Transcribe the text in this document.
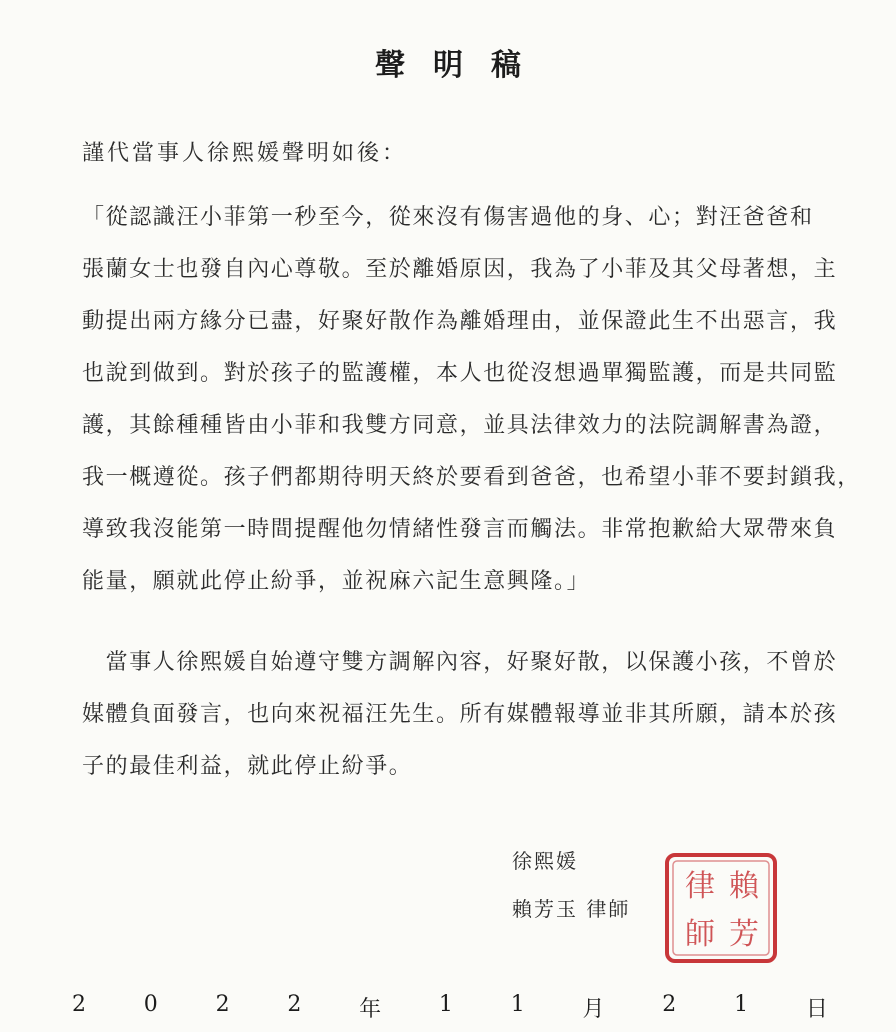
聲明稿
謹代當事人徐熙媛聲明如後：
「從認識汪小菲第一秒至今，從來沒有傷害過他的身、心；對汪爸爸和
張蘭女士也發自內心尊敬。至於離婚原因，我為了小菲及其父母著想，主
動提出兩方緣分已盡，好聚好散作為離婚理由，並保證此生不出惡言，我
也說到做到。對於孩子的監護權，本人也從沒想過單獨監護，而是共同監
護，其餘種種皆由小菲和我雙方同意，並具法律效力的法院調解書為證，
我一概遵從。孩子們都期待明天終於要看到爸爸，也希望小菲不要封鎖我，
導致我沒能第一時間提醒他勿情緒性發言而觸法。非常抱歉給大眾帶來負
能量，願就此停止紛爭，並祝麻六記生意興隆。」
　當事人徐熙媛自始遵守雙方調解內容，好聚好散，以保護小孩，不曾於
媒體負面發言，也向來祝福汪先生。所有媒體報導並非其所願，請本於孩
子的最佳利益，就此停止紛爭。
徐熙媛
賴芳玉 律師
律 賴
師 芳
2	0	2	2	年	1	1	月	2	1	日
